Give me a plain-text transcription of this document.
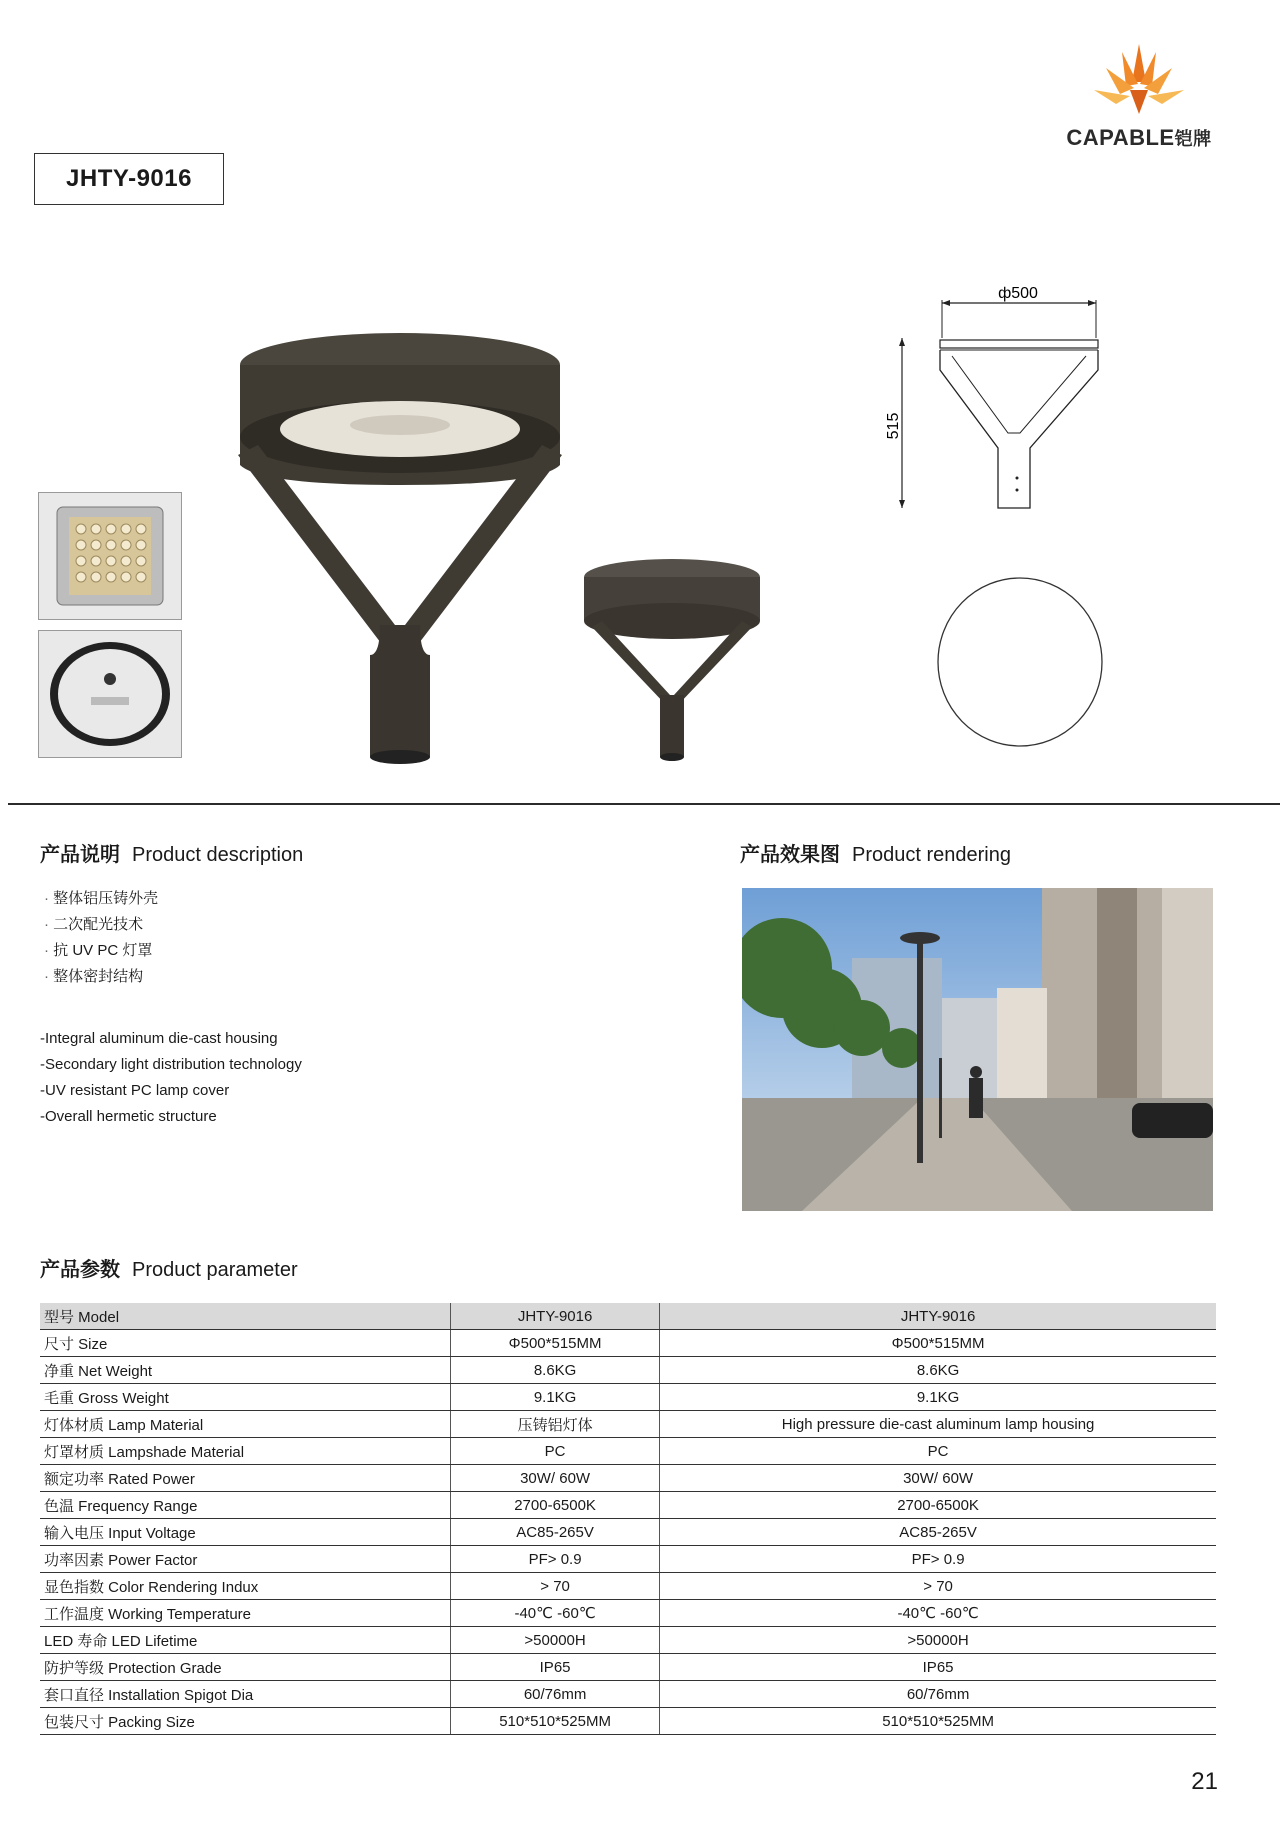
CAPABLE铠牌
JHTY-9016
ф500
515
产品说明 Product description
· 整体铝压铸外壳
· 二次配光技术
· 抗 UV PC 灯罩
· 整体密封结构
-Integral aluminum die-cast housing
-Secondary light distribution technology
-UV resistant PC lamp cover
-Overall hermetic structure
产品效果图 Product rendering
产品参数 Product parameter
型号 Model	JHTY-9016	JHTY-9016
尺寸 Size	Φ500*515MM	Φ500*515MM
净重 Net Weight	8.6KG	8.6KG
毛重 Gross Weight	9.1KG	9.1KG
灯体材质 Lamp Material	压铸铝灯体	High pressure die-cast aluminum lamp housing
灯罩材质 Lampshade Material	PC	PC
额定功率 Rated Power	30W/ 60W	30W/ 60W
色温 Frequency Range	2700-6500K	2700-6500K
输入电压 Input Voltage	AC85-265V	AC85-265V
功率因素 Power Factor	PF> 0.9	PF> 0.9
显色指数 Color Rendering Indux	> 70	> 70
工作温度 Working Temperature	-40℃ -60℃	-40℃ -60℃
LED 寿命 LED Lifetime	>50000H	>50000H
防护等级 Protection Grade	IP65	IP65
套口直径 Installation Spigot Dia	60/76mm	60/76mm
包装尺寸 Packing Size	510*510*525MM	510*510*525MM
21
